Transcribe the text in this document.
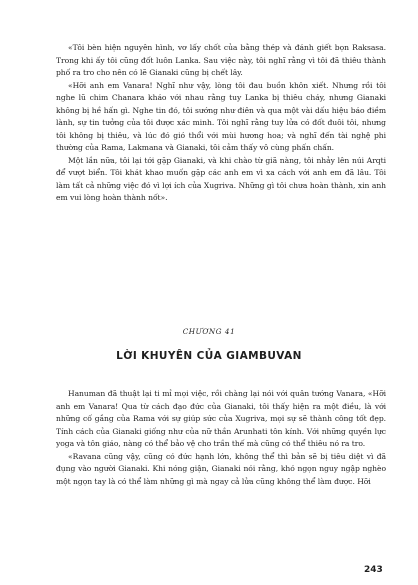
«Tôi bèn hiện nguyên hình, vơ lấy chốt của bằng thép và đánh giết bọn Raksasa. Trong khi ấy tôi cũng đốt luôn Lanka. Sau việc này, tôi nghĩ rằng vì tôi đã thiêu thành phố ra tro cho nên có lẽ Gianaki cũng bị chết lây.

«Hỡi anh em Vanara! Nghĩ như vậy, lòng tôi đau buồn khôn xiết. Nhưng rồi tôi nghe lũ chim Chanara kháo với nhau rằng tuy Lanka bị thiêu cháy, nhưng Gianaki không bị hề hấn gì. Nghe tin đó, tôi sướng như điên và qua một vài dấu hiệu báo điềm lành, sự tin tưởng của tôi được xác minh. Tôi nghĩ rằng tuy lửa có đốt đuôi tôi, nhưng tôi không bị thiêu, và lúc đó gió thổi với mùi hương hoa; và nghĩ đến tài nghệ phi thường của Rama, Lakmana và Gianaki, tôi cảm thấy vô cùng phấn chấn.

Một lần nữa, tôi lại tới gặp Gianaki, và khi chào từ giã nàng, tôi nhảy lên núi Arqti để vượt biển. Tôi khát khao muốn gặp các anh em vì xa cách với anh em đã lâu. Tôi làm tất cả những việc đó vì lợi ích của Xugriva. Những gì tôi chưa hoàn thành, xin anh em vui lòng hoàn thành nốt».

CHƯƠNG 41
LỜI KHUYÊN CỦA GIAMBUVAN

Hanuman đã thuật lại ti mỉ mọi việc, rồi chàng lại nói với quân tướng Vanara, «Hỡi anh em Vanara! Qua từ cách đạo đức của Gianaki, tôi thấy hiện ra một điều, là với những cố gắng của Rama với sự giúp sức của Xugriva, mọi sự sẽ thành công tốt đẹp. Tính cách của Gianaki giống như của nữ thần Arunhati tôn kính. Với những quyền lực yoga và tôn giáo, nàng có thể bảo vệ cho trần thế mà cũng có thể thiêu nó ra tro.

«Ravana cũng vậy, cũng có đức hạnh lớn, không thể thì bản sẽ bị tiêu diệt vì đã đụng vào người Gianaki. Khi nóng giận, Gianaki nói rằng, khó ngọn nguy ngập nghèo một ngọn tay là có thể làm những gì mà ngay cả lửa cũng không thể làm được. Hỡi

243
